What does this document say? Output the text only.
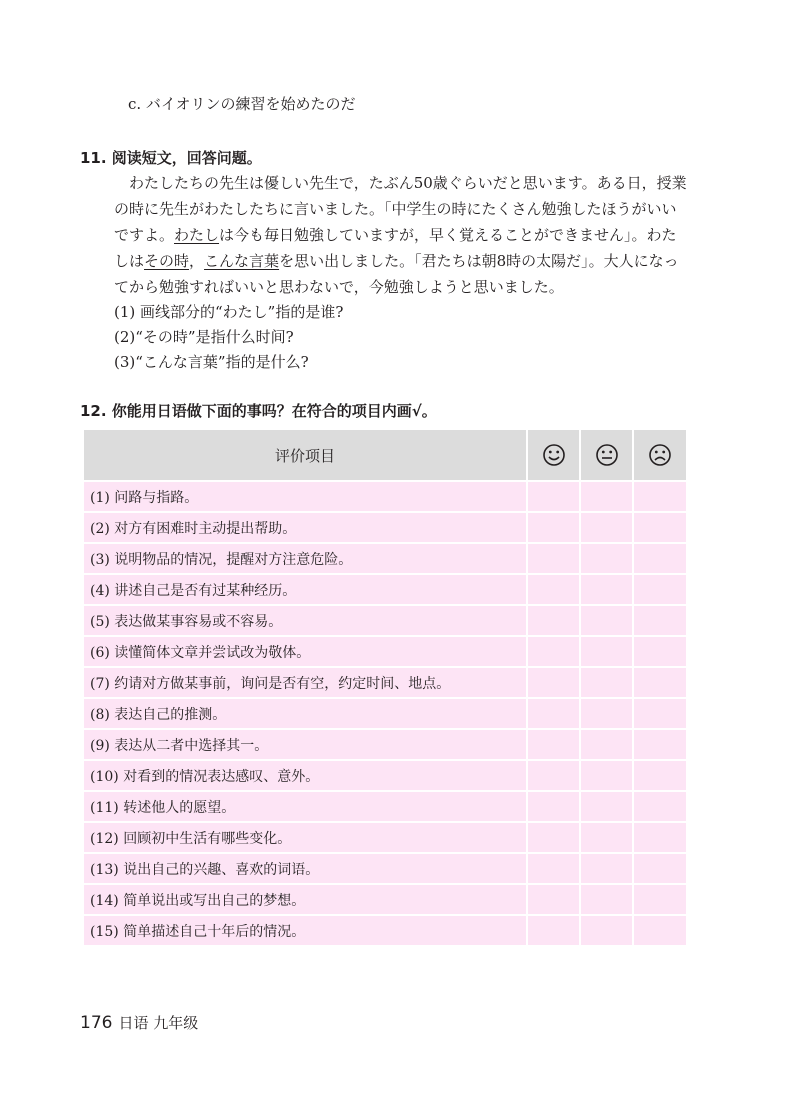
c. バイオリンの練習を始めたのだ
11. 阅读短文，回答问题。

わたしたちの先生は優しい先生で，たぶん50歳ぐらいだと思います。ある日，授業の時に先生がわたしたちに言いました。「中学生の時にたくさん勉強したほうがいいですよ。わたしは今も毎日勉強していますが，早く覚えることができません」。わたしはその時，こんな言葉を思い出しました。「君たちは朝8時の太陽だ」。大人になってから勉強すればいいと思わないで，今勉強しようと思いました。

(1) 画线部分的“わたし”指的是谁?

(2)“その時”是指什么时间?

(3)“こんな言葉”指的是什么?

12. 你能用日语做下面的事吗？在符合的项目内画√。
评价项目	

(1) 问路与指路。			
(2) 对方有困难时主动提出帮助。			
(3) 说明物品的情况，提醒对方注意危险。			
(4) 讲述自己是否有过某种经历。			
(5) 表达做某事容易或不容易。			
(6) 读懂简体文章并尝试改为敬体。			
(7) 约请对方做某事前，询问是否有空，约定时间、地点。			
(8) 表达自己的推测。			
(9) 表达从二者中选择其一。			
(10) 对看到的情况表达感叹、意外。			
(11) 转述他人的愿望。			
(12) 回顾初中生活有哪些变化。			
(13) 说出自己的兴趣、喜欢的词语。			
(14) 简单说出或写出自己的梦想。			
(15) 简单描述自己十年后的情况。			
176 日语 九年级
